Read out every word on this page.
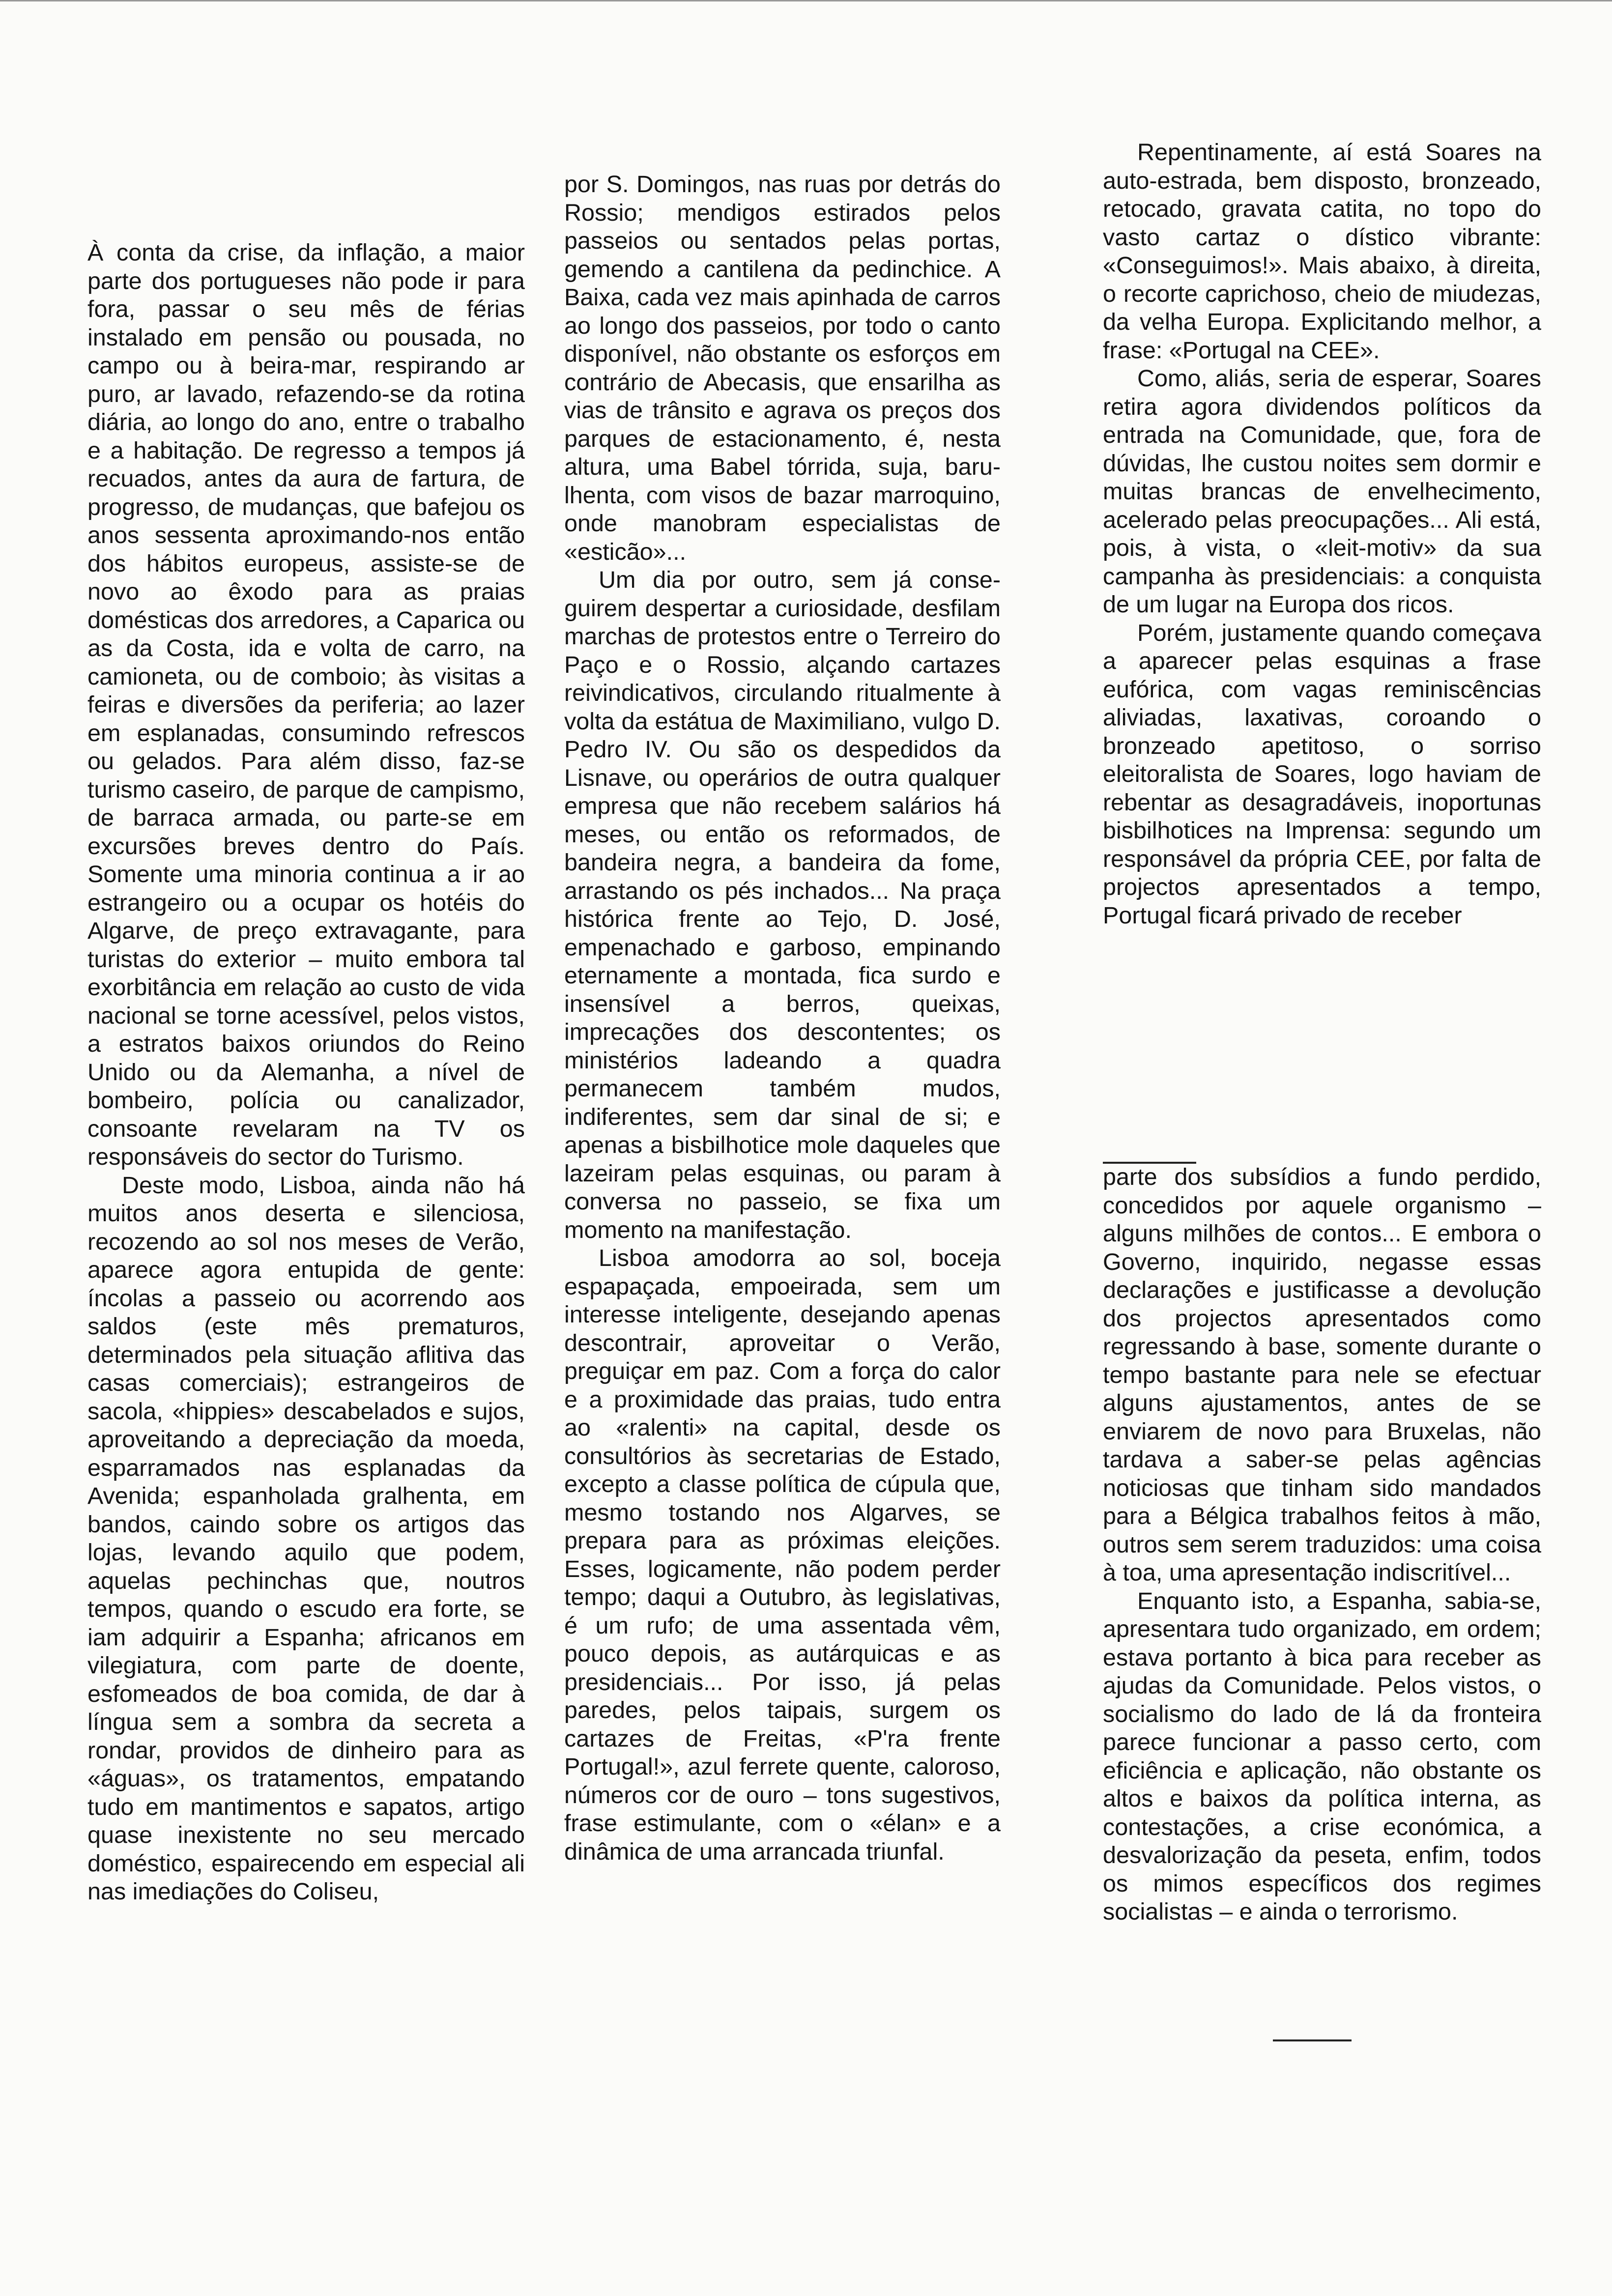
À conta da crise, da inflação, a maior parte dos portugueses não pode ir para fora, passar o seu mês de férias instalado em pensão ou pousada, no campo ou à beira-mar, respirando ar puro, ar lavado, refazendo-se da rotina diária, ao longo do ano, entre o trabalho e a habitação. De regresso a tempos já recuados, antes da aura de fartura, de progresso, de mudanças, que bafejou os anos sessenta aproximando-nos então dos hábitos europeus, assiste-se de novo ao êxodo para as praias domésticas dos arredores, a Caparica ou as da Costa, ida e volta de carro, na camioneta, ou de comboio; às visitas a feiras e diversões da periferia; ao lazer em esplanadas, consumindo refrescos ou gelados. Para além disso, faz-se turismo caseiro, de parque de campismo, de barraca armada, ou parte-se em excursões breves dentro do País. Somente uma minoria continua a ir ao estrangeiro ou a ocupar os hotéis do Algarve, de preço extravagante, para turistas do exterior – muito embora tal exorbitância em relação ao custo de vida nacional se torne acessível, pelos vistos, a estratos baixos oriundos do Reino Unido ou da Alemanha, a nível de bombeiro, polícia ou canalizador, consoante revelaram na TV os responsáveis do sector do Turismo.

Deste modo, Lisboa, ainda não há muitos anos deserta e silenciosa, recozendo ao sol nos meses de Verão, aparece agora entupida de gente: íncolas a passeio ou acorrendo aos saldos (este mês prematuros, determinados pela situação aflitiva das casas comerciais); estrangeiros de sacola, «hippies» descabelados e sujos, aproveitando a depreciação da moeda, esparramados nas esplanadas da Avenida; espanholada gralhenta, em bandos, caindo sobre os artigos das lojas, levando aquilo que podem, aquelas pechinchas que, noutros tempos, quando o escudo era forte, se iam adquirir a Espanha; africanos em vilegiatura, com parte de doente, esfomeados de boa comida, de dar à língua sem a sombra da secreta a rondar, providos de dinheiro para as «águas», os tratamentos, empatando tudo em mantimentos e sapatos, artigo quase inexistente no seu mercado doméstico, espairecendo em especial ali nas imediações do Coliseu,

por S. Domingos, nas ruas por detrás do Rossio; mendigos estirados pelos passeios ou sentados pelas portas, gemendo a cantilena da pedinchice. A Baixa, cada vez mais apinhada de carros ao longo dos passeios, por todo o canto disponível, não obstante os esforços em contrário de Abecasis, que ensarilha as vias de trânsito e agrava os preços dos parques de estacionamento, é, nesta altura, uma Babel tórrida, suja, barulhenta, com visos de bazar marroquino, onde manobram especialistas de «esticão»...

Um dia por outro, sem já conseguirem despertar a curiosidade, desfilam marchas de protestos entre o Terreiro do Paço e o Rossio, alçando cartazes reivindicativos, circulando ritualmente à volta da estátua de Maximiliano, vulgo D. Pedro IV. Ou são os despedidos da Lisnave, ou operários de outra qualquer empresa que não recebem salários há meses, ou então os reformados, de bandeira negra, a bandeira da fome, arrastando os pés inchados... Na praça histórica frente ao Tejo, D. José, empenachado e garboso, empinando eternamente a montada, fica surdo e insensível a berros, queixas, imprecações dos descontentes; os ministérios ladeando a quadra permanecem também mudos, indiferentes, sem dar sinal de si; e apenas a bisbilhotice mole daqueles que lazeiram pelas esquinas, ou param à conversa no passeio, se fixa um momento na manifestação.

Lisboa amodorra ao sol, boceja espapaçada, empoeirada, sem um interesse inteligente, desejando apenas descontrair, aproveitar o Verão, preguiçar em paz. Com a força do calor e a proximidade das praias, tudo entra ao «ralenti» na capital, desde os consultórios às secretarias de Estado, excepto a classe política de cúpula que, mesmo tostando nos Algarves, se prepara para as próximas eleições. Esses, logicamente, não podem perder tempo; daqui a Outubro, às legislativas, é um rufo; de uma assentada vêm, pouco depois, as autárquicas e as presidenciais... Por isso, já pelas paredes, pelos taipais, surgem os cartazes de Freitas, «P'ra frente Portugal!», azul ferrete quente, caloroso, números cor de ouro – tons sugestivos, frase estimulante, com o «élan» e a dinâmica de uma arrancada triunfal.

Repentinamente, aí está Soares na auto-estrada, bem disposto, bronzeado, retocado, gravata catita, no topo do vasto cartaz o dístico vibrante: «Conseguimos!». Mais abaixo, à direita, o recorte caprichoso, cheio de miudezas, da velha Europa. Explicitando melhor, a frase: «Portugal na CEE».

Como, aliás, seria de esperar, Soares retira agora dividendos políticos da entrada na Comunidade, que, fora de dúvidas, lhe custou noites sem dormir e muitas brancas de envelhecimento, acelerado pelas preocupações... Ali está, pois, à vista, o «leit-motiv» da sua campanha às presidenciais: a conquista de um lugar na Europa dos ricos.

Porém, justamente quando começava a aparecer pelas esquinas a frase eufórica, com vagas reminiscências aliviadas, laxativas, coroando o bronzeado apetitoso, o sorriso eleitoralista de Soares, logo haviam de rebentar as desagradáveis, inoportunas bisbilhotices na Imprensa: segundo um responsável da própria CEE, por falta de projectos apresentados a tempo, Portugal ficará privado de receber

parte dos subsídios a fundo perdido, concedidos por aquele organismo – alguns milhões de contos... E embora o Governo, inquirido, negasse essas declarações e justificasse a devolução dos projectos apresentados como regressando à base, somente durante o tempo bastante para nele se efectuar alguns ajustamentos, antes de se enviarem de novo para Bruxelas, não tardava a saber-se pelas agências noticiosas que tinham sido mandados para a Bélgica trabalhos feitos à mão, outros sem serem traduzidos: uma coisa à toa, uma apresentação indiscritível...

Enquanto isto, a Espanha, sabia-se, apresentara tudo organizado, em ordem; estava portanto à bica para receber as ajudas da Comunidade. Pelos vistos, o socialismo do lado de lá da fronteira parece funcionar a passo certo, com eficiência e aplicação, não obstante os altos e baixos da política interna, as contestações, a crise económica, a desvalorização da peseta, enfim, todos os mimos específicos dos regimes socialistas – e ainda o terrorismo.
